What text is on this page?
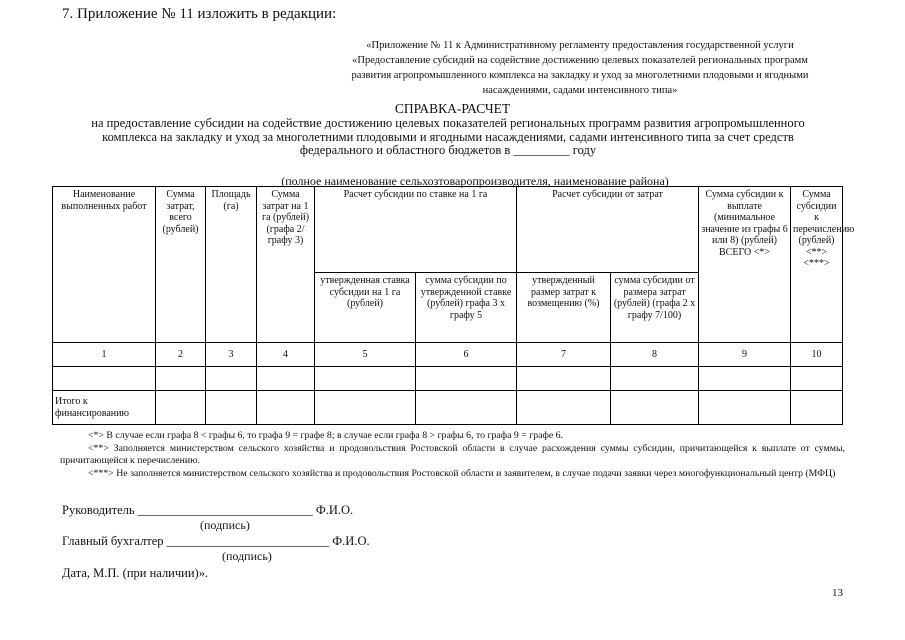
7. Приложение № 11 изложить в редакции:
«Приложение № 11 к Административному регламенту предоставления государственной услуги
«Предоставление субсидий на содействие достижению целевых показателей региональных программ
развития агропромышленного комплекса на закладку и уход за многолетними плодовыми и ягодными
насаждениями, садами интенсивного типа»
СПРАВКА-РАСЧЕТ
на предоставление субсидии на содействие достижению целевых показателей региональных программ развития агропромышленного
комплекса на закладку и уход за многолетними плодовыми и ягодными насаждениями, садами интенсивного типа за счет средств
федерального и областного бюджетов в _________ году
(полное наименование сельхозтоваропроизводителя, наименование района)
Наименование выполненных работ	Сумма затрат, всего (рублей)	Площадь (га)	Сумма затрат на 1 га (рублей) (графа 2/графу 3)	Расчет субсидии по ставке на 1 га		Расчет субсидии от затрат		Сумма субсидии к выплате (минимальное значение из графы 6 или 8) (рублей) ВСЕГО <*>	Сумма субсидии к перечислению (рублей) <**> <***>
				утвержденная ставка субсидии на 1 га (рублей)	сумма субсидии по утвержденной ставке (рублей) графа 3 х графу 5	утвержденный размер затрат к возмещению (%)	сумма субсидии от размера затрат (рублей) (графа 2 х графу 7/100)		
1	2	3	4	5	6	7	8	9	10

Итого к финансированию									

<*> В случае если графа 8 < графы 6, то графа 9 = графе 8; в случае если графа 8 > графы 6, то графа 9 = графе 6.

<**> Заполняется министерством сельского хозяйства и продовольствия Ростовской области в случае расхождения суммы субсидии, причитающейся к выплате от суммы, причитающейся к перечислению.

<***> Не заполняется министерством сельского хозяйства и продовольствия Ростовской области и заявителем, в случае подачи заявки через многофункциональный центр (МФЦ)

Руководитель ____________________________ Ф.И.О.
(подпись)
Главный бухгалтер __________________________ Ф.И.О.
(подпись)
Дата, М.П. (при наличии)».
13
